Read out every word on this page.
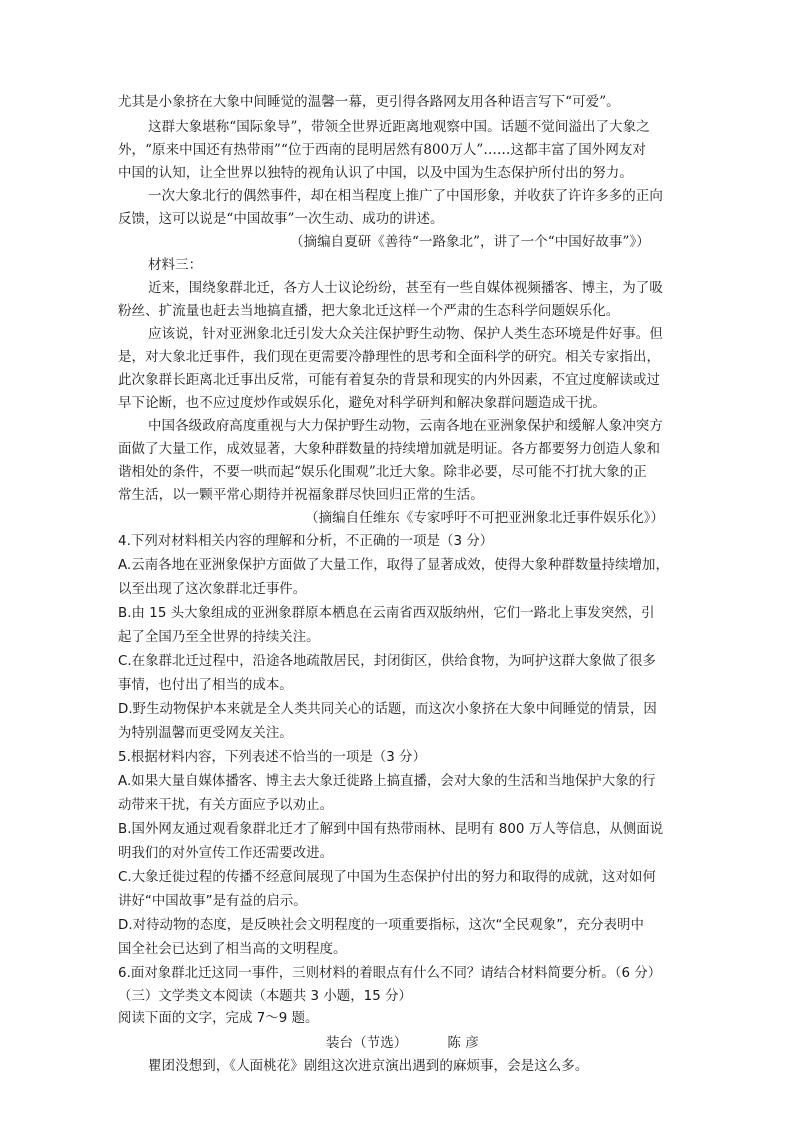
尤其是小象挤在大象中间睡觉的温馨一幕，更引得各路网友用各种语言写下“可爱”。
这群大象堪称“国际象导”，带领全世界近距离地观察中国。话题不觉间溢出了大象之
外，“原来中国还有热带雨”“位于西南的昆明居然有800万人”……这都丰富了国外网友对
中国的认知，让全世界以独特的视角认识了中国，以及中国为生态保护所付出的努力。
一次大象北行的偶然事件，却在相当程度上推广了中国形象，并收获了许许多多的正向
反馈，这可以说是“中国故事”一次生动、成功的讲述。
（摘编自夏研《善待“一路象北”，讲了一个“中国好故事”》）
材料三：
近来，围绕象群北迁，各方人士议论纷纷，甚至有一些自媒体视频播客、博主，为了吸
粉丝、扩流量也赶去当地搞直播，把大象北迁这样一个严肃的生态科学问题娱乐化。
应该说，针对亚洲象北迁引发大众关注保护野生动物、保护人类生态环境是件好事。但
是，对大象北迁事件，我们现在更需要冷静理性的思考和全面科学的研究。相关专家指出，
此次象群长距离北迁事出反常，可能有着复杂的背景和现实的内外因素，不宜过度解读或过
早下论断，也不应过度炒作或娱乐化，避免对科学研判和解决象群问题造成干扰。
中国各级政府高度重视与大力保护野生动物，云南各地在亚洲象保护和缓解人象冲突方
面做了大量工作，成效显著，大象种群数量的持续增加就是明证。各方都要努力创造人象和
谐相处的条件，不要一哄而起“娱乐化围观”北迁大象。除非必要，尽可能不打扰大象的正
常生活，以一颗平常心期待并祝福象群尽快回归正常的生活。
（摘编自任维东《专家呼吁不可把亚洲象北迁事件娱乐化》）
4.下列对材料相关内容的理解和分析，不正确的一项是（3 分）
A.云南各地在亚洲象保护方面做了大量工作，取得了显著成效，使得大象种群数量持续增加，
以至出现了这次象群北迁事件。
B.由 15 头大象组成的亚洲象群原本栖息在云南省西双版纳州，它们一路北上事发突然，引
起了全国乃至全世界的持续关注。
C.在象群北迁过程中，沿途各地疏散居民，封闭街区，供给食物，为呵护这群大象做了很多
事情，也付出了相当的成本。
D.野生动物保护本来就是全人类共同关心的话题，而这次小象挤在大象中间睡觉的情景，因
为特别温馨而更受网友关注。
5.根据材料内容，下列表述不恰当的一项是（3 分）
A.如果大量自媒体播客、博主去大象迁徙路上搞直播，会对大象的生活和当地保护大象的行
动带来干扰，有关方面应予以劝止。
B.国外网友通过观看象群北迁才了解到中国有热带雨林、昆明有 800 万人等信息，从侧面说
明我们的对外宣传工作还需要改进。
C.大象迁徙过程的传播不经意间展现了中国为生态保护付出的努力和取得的成就，这对如何
讲好“中国故事”是有益的启示。
D.对待动物的态度，是反映社会文明程度的一项重要指标，这次“全民观象”，充分表明中
国全社会已达到了相当高的文明程度。
6.面对象群北迁这同一事件，三则材料的着眼点有什么不同？请结合材料简要分析。（6 分）
（三）文学类文本阅读（本题共 3 小题，15 分）
阅读下面的文字，完成 7～9 题。
装台（节选）	陈 彦
瞿团没想到，《人面桃花》剧组这次进京演出遇到的麻烦事，会是这么多。
